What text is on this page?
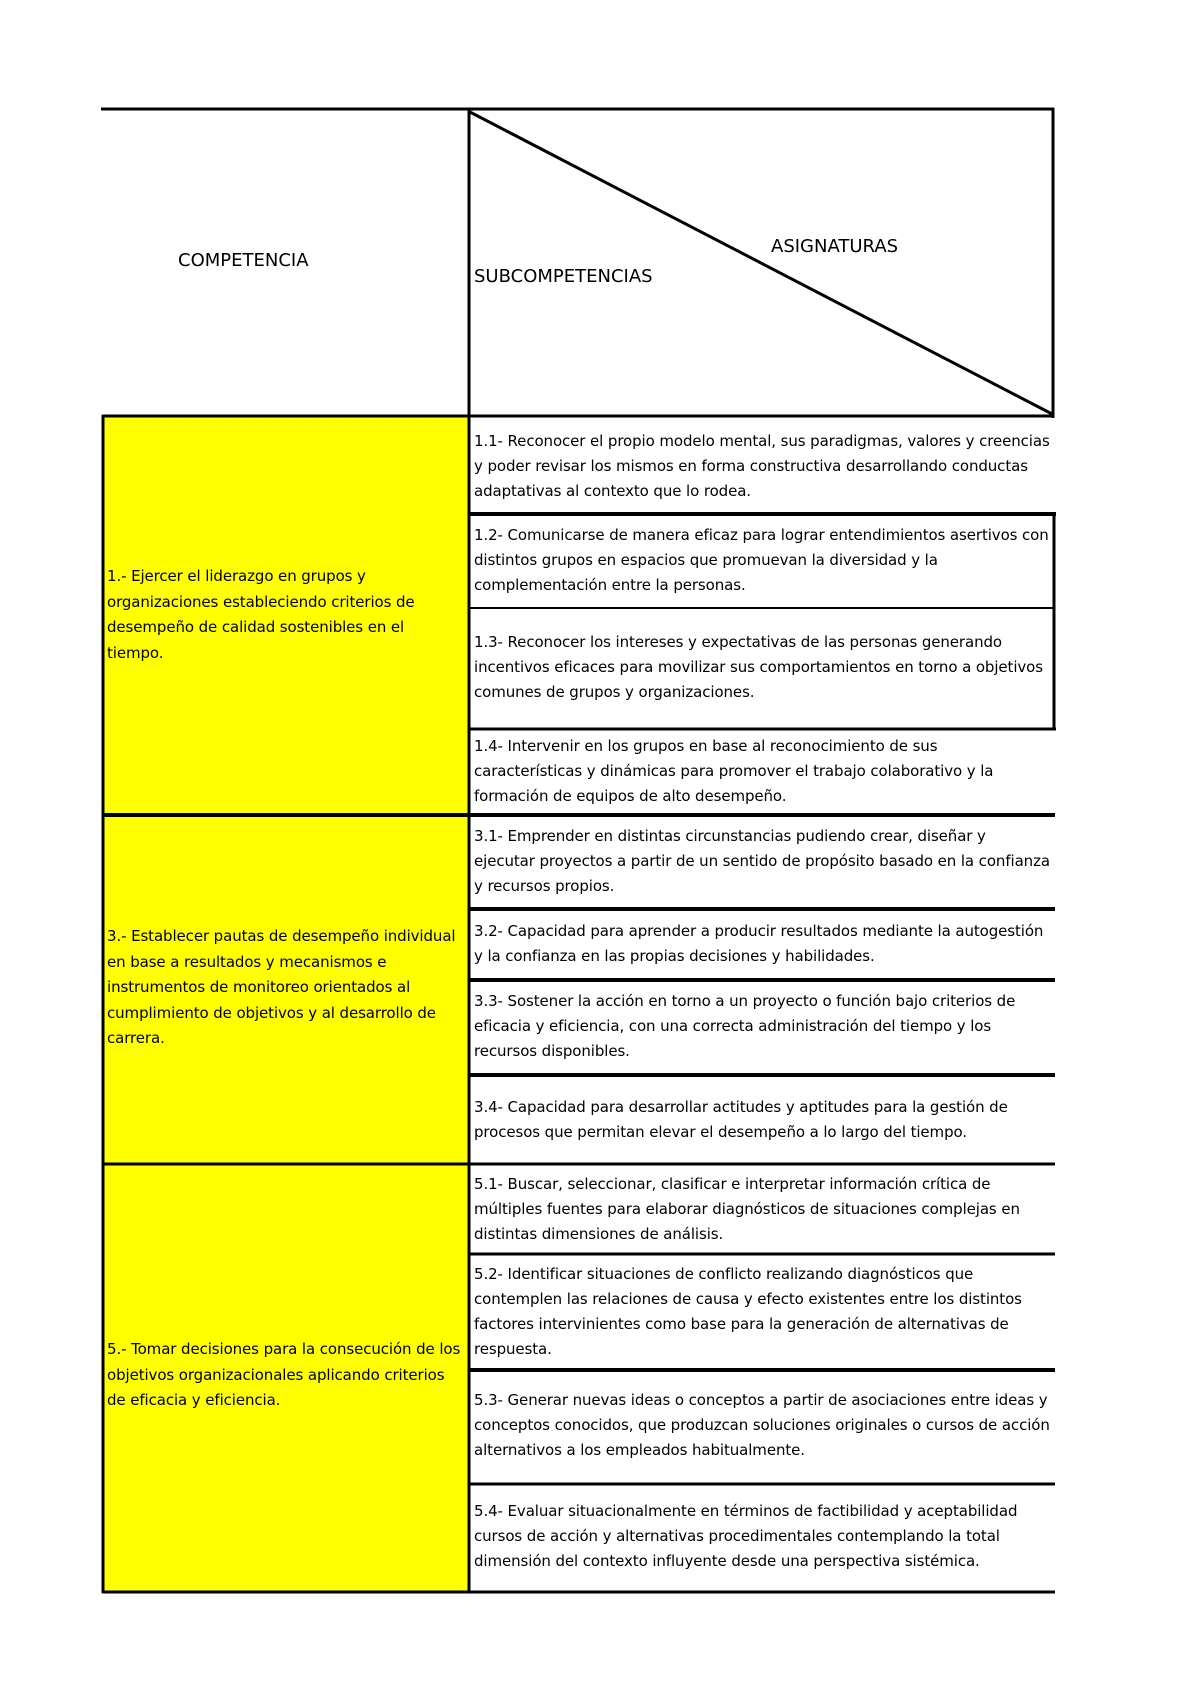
COMPETENCIA
ASIGNATURAS
SUBCOMPETENCIAS
1.- Ejercer el liderazgo en grupos y organizaciones estableciendo criterios de desempeño de calidad sostenibles en el tiempo.
3.- Establecer pautas de desempeño individual en base a resultados y mecanismos e instrumentos de monitoreo orientados al cumplimiento de objetivos y al desarrollo de carrera.
5.- Tomar decisiones para la consecución de los objetivos organizacionales aplicando criterios de eficacia y eficiencia.
1.1- Reconocer el propio modelo mental, sus paradigmas, valores y creencias y poder revisar los mismos en forma constructiva desarrollando conductas adaptativas al contexto que lo rodea.
1.2- Comunicarse de manera eficaz para lograr entendimientos asertivos con distintos grupos en espacios que promuevan la diversidad y la complementación entre la personas.
1.3- Reconocer los intereses y expectativas de las personas generando incentivos eficaces para movilizar sus comportamientos en torno a objetivos comunes de grupos y organizaciones.
1.4- Intervenir en los grupos en base al reconocimiento de sus características y dinámicas para promover el trabajo colaborativo y la formación de equipos de alto desempeño.
3.1- Emprender en distintas circunstancias pudiendo crear, diseñar y ejecutar proyectos a partir de un sentido de propósito basado en la confianza y recursos propios.
3.2- Capacidad para aprender a producir resultados mediante la autogestión y la confianza en las propias decisiones y habilidades.
3.3- Sostener la acción en torno a un proyecto o función bajo criterios de eficacia y eficiencia, con una correcta administración del tiempo y los recursos disponibles.
3.4- Capacidad para desarrollar actitudes y aptitudes para la gestión de procesos que permitan elevar el desempeño a lo largo del tiempo.
5.1- Buscar, seleccionar, clasificar e interpretar información crítica de múltiples fuentes para elaborar diagnósticos de situaciones complejas en distintas dimensiones de análisis.
5.2- Identificar situaciones de conflicto realizando diagnósticos que contemplen las relaciones de causa y efecto existentes entre los distintos factores intervinientes como base para la generación de alternativas de respuesta.
5.3- Generar nuevas ideas o conceptos a partir de asociaciones entre ideas y conceptos conocidos, que produzcan soluciones originales o cursos de acción alternativos a los empleados habitualmente.
5.4- Evaluar situacionalmente en términos de factibilidad y aceptabilidad cursos de acción y alternativas procedimentales contemplando la total dimensión del contexto influyente desde una perspectiva sistémica.
